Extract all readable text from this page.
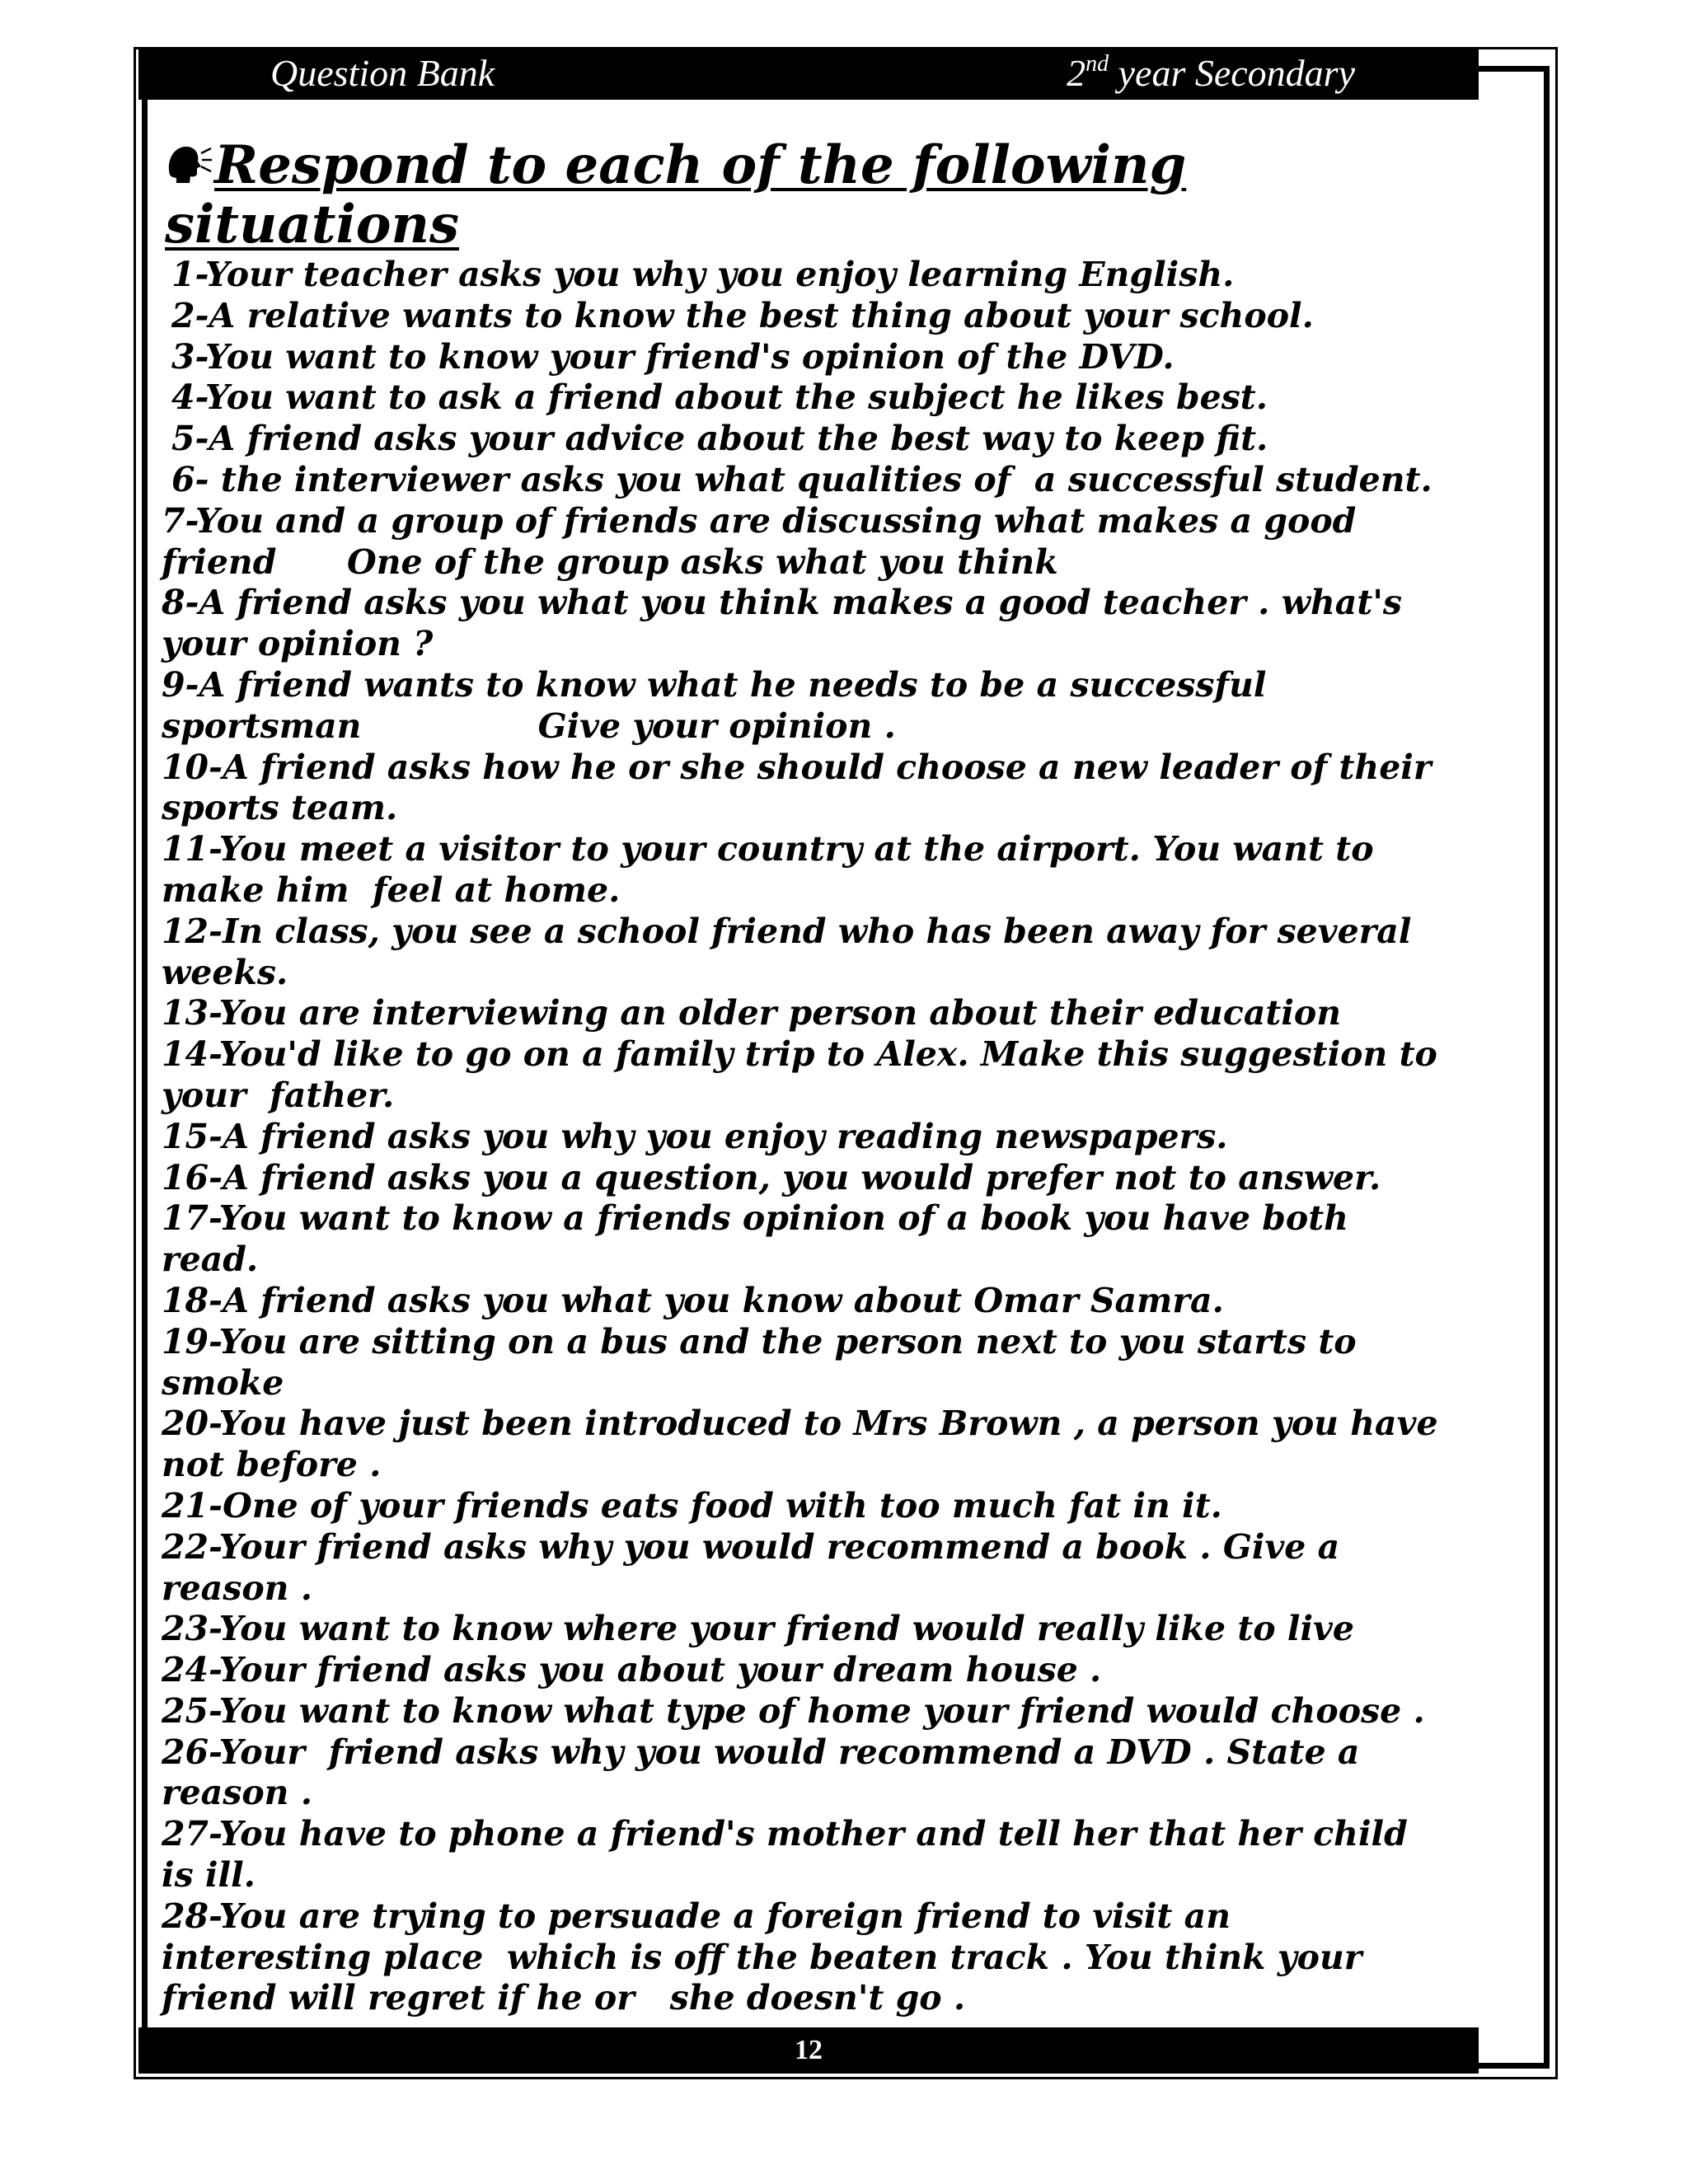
Question Bank	2nd year Secondary
Respond to each of the following situations
1-Your teacher asks you why you enjoy learning English.
2-A relative wants to know the best thing about your school.
3-You want to know your friend's opinion of the DVD.
4-You want to ask a friend about the subject he likes best.
5-A friend asks your advice about the best way to keep fit.
6- the interviewer asks you what qualities of  a successful student.
7-You and a group of friends are discussing what makes a good friend      One of the group asks what you think
8-A friend asks you what you think makes a good teacher . what's your opinion ?
9-A friend wants to know what he needs to be a successful sportsman               Give your opinion .
10-A friend asks how he or she should choose a new leader of their sports team.
11-You meet a visitor to your country at the airport. You want to make him  feel at home.
12-In class, you see a school friend who has been away for several weeks.
13-You are interviewing an older person about their education
14-You'd like to go on a family trip to Alex. Make this suggestion to your  father.
15-A friend asks you why you enjoy reading newspapers.
16-A friend asks you a question, you would prefer not to answer.
17-You want to know a friends opinion of a book you have both read.
18-A friend asks you what you know about Omar Samra.
19-You are sitting on a bus and the person next to you starts to smoke
20-You have just been introduced to Mrs Brown , a person you have not before .
21-One of your friends eats food with too much fat in it.
22-Your friend asks why you would recommend a book . Give a reason .
23-You want to know where your friend would really like to live
24-Your friend asks you about your dream house .
25-You want to know what type of home your friend would choose .
26-Your  friend asks why you would recommend a DVD . State a reason .
27-You have to phone a friend's mother and tell her that her child is ill.
28-You are trying to persuade a foreign friend to visit an interesting place  which is off the beaten track . You think your friend will regret if he or   she doesn't go .
12
